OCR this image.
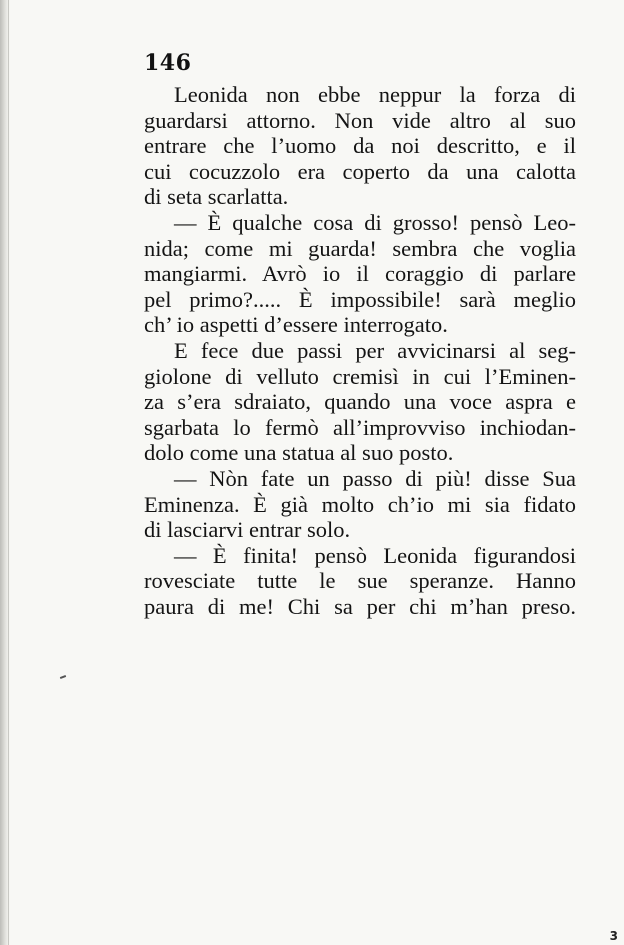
146
Leonida non ebbe neppur la forza di
guardarsi attorno. Non vide altro al suo
entrare che l’uomo da noi descritto, e il
cui cocuzzolo era coperto da una calotta
di seta scarlatta.
— È qualche cosa di grosso! pensò Leo-
nida; come mi guarda! sembra che voglia
mangiarmi. Avrò io il coraggio di parlare
pel primo?..... È impossibile! sarà meglio
ch’ io aspetti d’essere interrogato.
E fece due passi per avvicinarsi al seg-
giolone di velluto cremisì in cui l’Eminen-
za s’era sdraiato, quando una voce aspra e
sgarbata lo fermò all’improvviso inchiodan-
dolo come una statua al suo posto.
— Nòn fate un passo di più! disse Sua
Eminenza. È già molto ch’io mi sia fidato
di lasciarvi entrar solo.
— È finita! pensò Leonida figurandosi
rovesciate tutte le sue speranze. Hanno
paura di me! Chi sa per chi m’han preso.
3
